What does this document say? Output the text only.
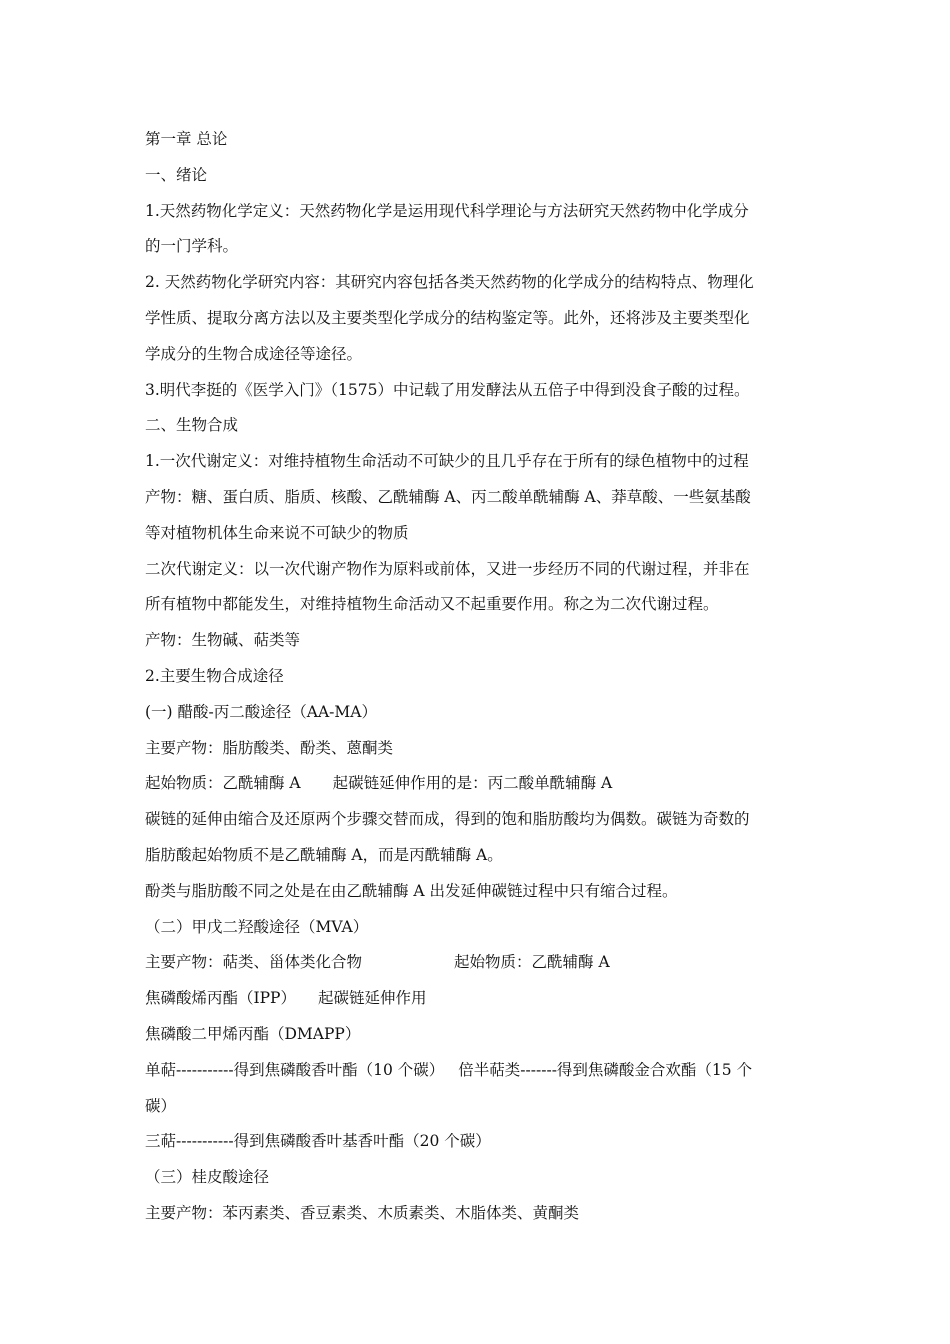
第一章 总论
一、绪论
1.天然药物化学定义：天然药物化学是运用现代科学理论与方法研究天然药物中化学成分
的一门学科。
2. 天然药物化学研究内容：其研究内容包括各类天然药物的化学成分的结构特点、物理化
学性质、提取分离方法以及主要类型化学成分的结构鉴定等。此外，还将涉及主要类型化
学成分的生物合成途径等途径。
3.明代李挺的《医学入门》（1575）中记载了用发酵法从五倍子中得到没食子酸的过程。
二、生物合成
1.一次代谢定义：对维持植物生命活动不可缺少的且几乎存在于所有的绿色植物中的过程
产物：糖、蛋白质、脂质、核酸、乙酰辅酶 A、丙二酸单酰辅酶 A、莽草酸、一些氨基酸
等对植物机体生命来说不可缺少的物质
二次代谢定义：以一次代谢产物作为原料或前体，又进一步经历不同的代谢过程，并非在
所有植物中都能发生，对维持植物生命活动又不起重要作用。称之为二次代谢过程。
产物：生物碱、萜类等
2.主要生物合成途径
(一) 醋酸-丙二酸途径（AA-MA）
主要产物：脂肪酸类、酚类、蒽酮类
起始物质：乙酰辅酶 A 起碳链延伸作用的是：丙二酸单酰辅酶 A
碳链的延伸由缩合及还原两个步骤交替而成，得到的饱和脂肪酸均为偶数。碳链为奇数的
脂肪酸起始物质不是乙酰辅酶 A，而是丙酰辅酶 A。
酚类与脂肪酸不同之处是在由乙酰辅酶 A 出发延伸碳链过程中只有缩合过程。
（二）甲戊二羟酸途径（MVA）
主要产物：萜类、甾体类化合物	起始物质：乙酰辅酶 A
焦磷酸烯丙酯（IPP） 起碳链延伸作用
焦磷酸二甲烯丙酯（DMAPP）
单萜-----------得到焦磷酸香叶酯（10 个碳） 倍半萜类-------得到焦磷酸金合欢酯（15 个
碳）
三萜-----------得到焦磷酸香叶基香叶酯（20 个碳）
（三）桂皮酸途径
主要产物：苯丙素类、香豆素类、木质素类、木脂体类、黄酮类
